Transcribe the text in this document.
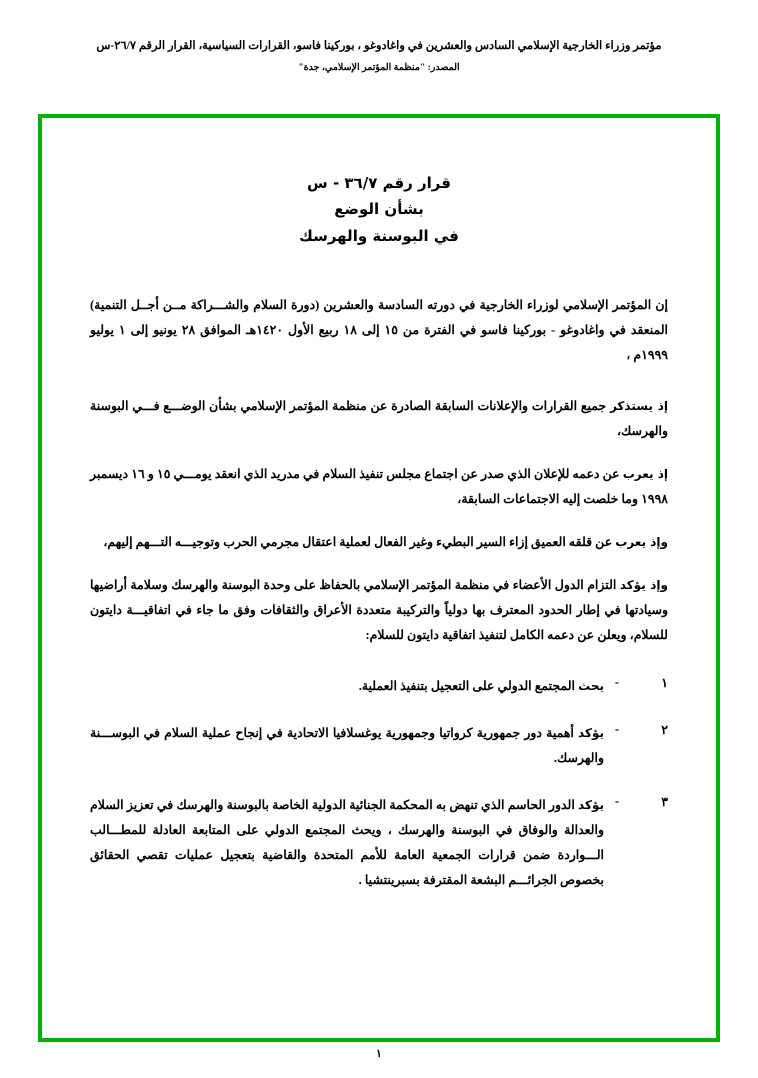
مؤتمر وزراء الخارجية الإسلامي السادس والعشرين في واغادوغو ، بوركينا فاسو، القرارات السياسية، القرار الرقم ٢٦/٧-س
المصدر: "منظمة المؤتمر الإسلامي، جدة"
قرار رقم ٣٦/٧ - س
بشأن الوضع
في البوسنة والهرسك

إن المؤتمر الإسلامي لوزراء الخارجية في دورته السادسة والعشرين (دورة السلام والشـــراكة مــن أجــل التنمية) المنعقد في واغادوغو - بوركينا فاسو في الفترة من ١٥ إلى ١٨ ربيع الأول ١٤٢٠هـ الموافق ٢٨ يونيو إلى ١ يوليو ١٩٩٩م ،

إذ يستذكر جميع القرارات والإعلانات السابقة الصادرة عن منظمة المؤتمر الإسلامي بشأن الوضـــع فـــي البوسنة والهرسك،

إذ يعرب عن دعمه للإعلان الذي صدر عن اجتماع مجلس تنفيذ السلام في مدريد الذي انعقد يومـــي ١٥ و ١٦ ديسمبر ١٩٩٨ وما خلصت إليه الاجتماعات السابقة،

وإذ يعرب عن قلقه العميق إزاء السير البطيء وغير الفعال لعملية اعتقال مجرمي الحرب وتوجيـــه التـــهم إليهم،

وإذ يؤكد التزام الدول الأعضاء في منظمة المؤتمر الإسلامي بالحفاظ على وحدة البوسنة والهرسك وسلامة أراضيها وسيادتها في إطار الحدود المعترف بها دولياً والتركيبة متعددة الأعراق والثقافات وفق ما جاء في اتفاقيـــة دايتون للسلام، ويعلن عن دعمه الكامل لتنفيذ اتفاقية دايتون للسلام:

١
-
يحث المجتمع الدولي على التعجيل بتنفيذ العملية.
٢
-
يؤكد أهمية دور جمهورية كرواتيا وجمهورية يوغسلافيا الاتحادية في إنجاح عملية السلام في البوســـنة والهرسك.
٣
-
يؤكد الدور الحاسم الذي تنهض به المحكمة الجنائية الدولية الخاصة بالبوسنة والهرسك في تعزيز السلام والعدالة والوفاق في البوسنة والهرسك ، ويحث المجتمع الدولي على المتابعة العادلة للمطـــالب الـــواردة ضمن قرارات الجمعية العامة للأمم المتحدة والقاضية بتعجيل عمليات تقصي الحقائق بخصوص الجرائـــم البشعة المقترفة بسبرينتشيا .
١
